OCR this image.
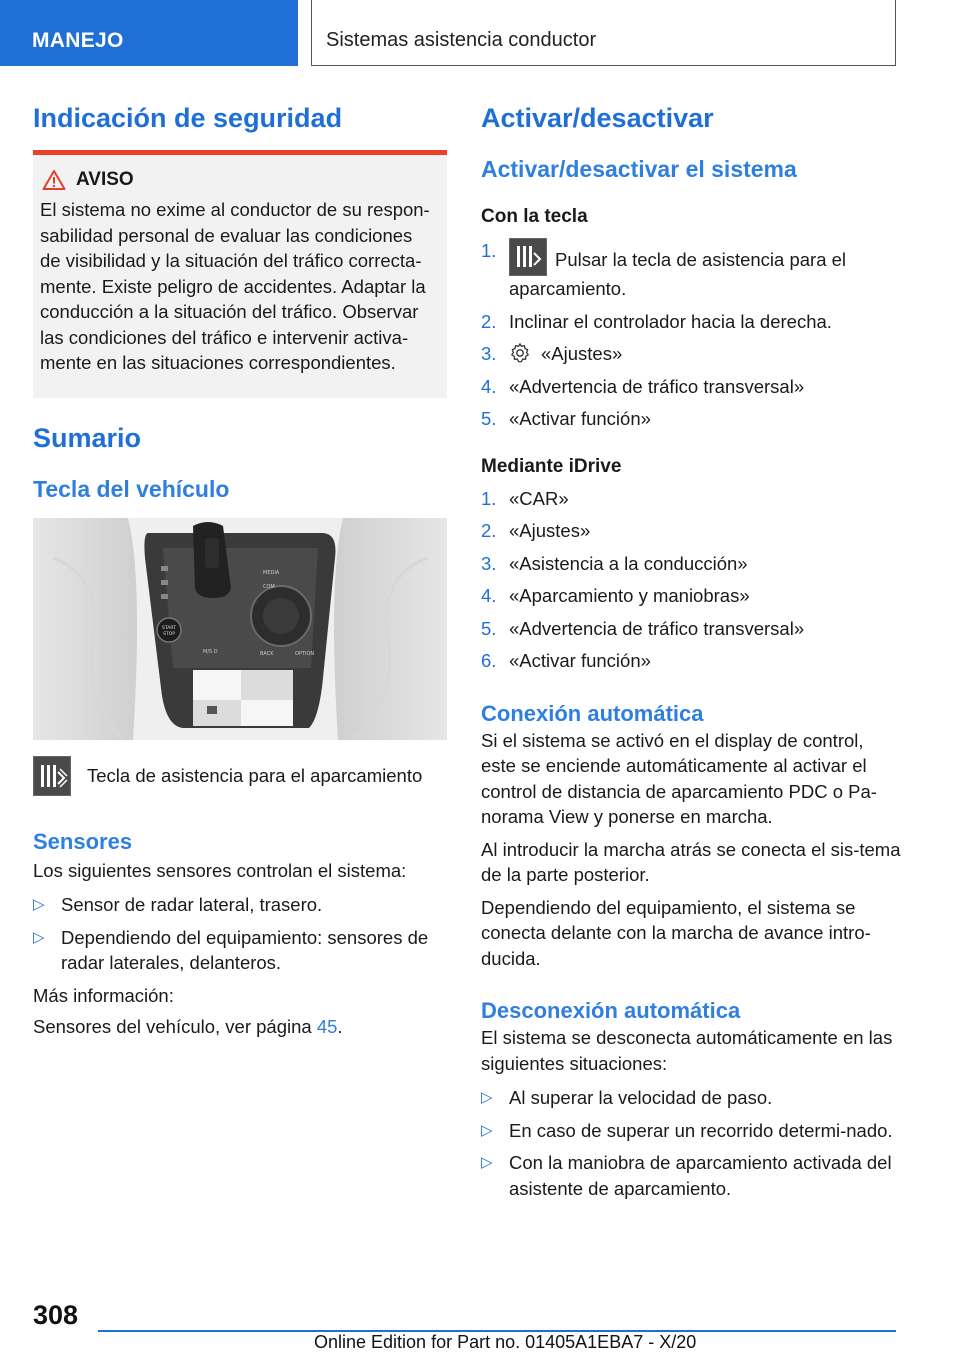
MANEJO	Sistemas asistencia conductor
Indicación de seguridad
AVISO

El sistema no exime al conductor de su respon-sabilidad personal de evaluar las condiciones de visibilidad y la situación del tráfico correcta-mente. Existe peligro de accidentes. Adaptar la conducción a la situación del tráfico. Observar las condiciones del tráfico e intervenir activa-mente en las situaciones correspondientes.

Sumario
Tecla del vehículo
START
STOP
MEDIA
COM
BACK	OPTION
M/S D

Tecla de asistencia para el aparcamiento

Sensores

Los siguientes sensores controlan el sistema:

▷ Sensor de radar lateral, trasero.
▷ Dependiendo del equipamiento: sensores de radar laterales, delanteros.

Más información:

Sensores del vehículo, ver página 45.

Activar/desactivar
Activar/desactivar el sistema
Con la tecla
1.	Pulsar la tecla de asistencia para el aparcamiento.
2. Inclinar el controlador hacia la derecha.
3. «Ajustes»
4. «Advertencia de tráfico transversal»
5. «Activar función»
Mediante iDrive
1. «CAR»
2. «Ajustes»
3. «Asistencia a la conducción»
4. «Aparcamiento y maniobras»
5. «Advertencia de tráfico transversal»
6. «Activar función»
Conexión automática

Si el sistema se activó en el display de control, este se enciende automáticamente al activar el control de distancia de aparcamiento PDC o Pa-norama View y ponerse en marcha.

Al introducir la marcha atrás se conecta el sis-tema de la parte posterior.

Dependiendo del equipamiento, el sistema se conecta delante con la marcha de avance intro-ducida.

Desconexión automática

El sistema se desconecta automáticamente en las siguientes situaciones:

▷ Al superar la velocidad de paso.
▷ En caso de superar un recorrido determi-nado.
▷ Con la maniobra de aparcamiento activada del asistente de aparcamiento.
308
Online Edition for Part no. 01405A1EBA7 - X/20
